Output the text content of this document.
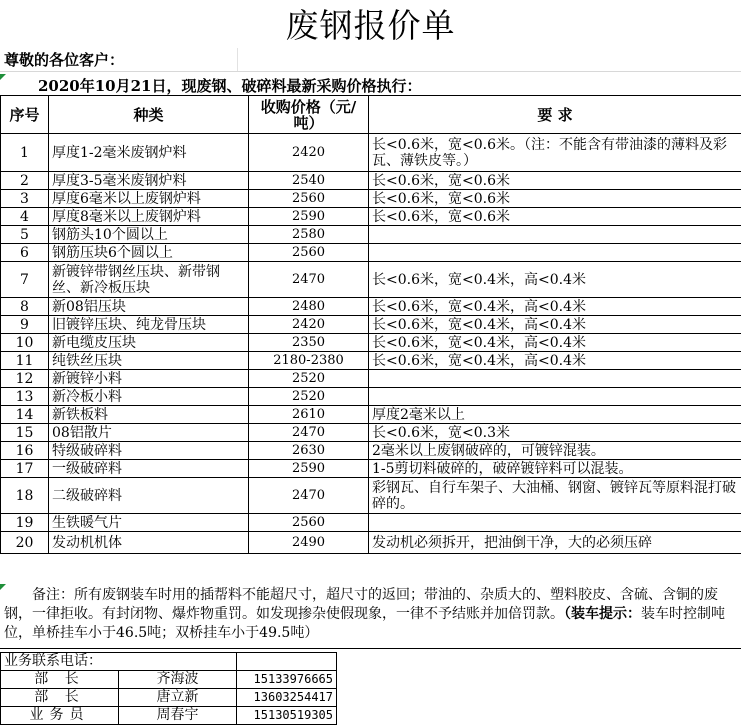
废钢报价单
尊敬的各位客户：
2020年10月21日，现废钢、破碎料最新采购价格执行：
序号	种类	收购价格（元/吨）	要 求
1	厚度1-2毫米废钢炉料	2420	长<0.6米，宽<0.6米。（注：不能含有带油漆的薄料及彩瓦、薄铁皮等。）
2	厚度3-5毫米废钢炉料	2540	长<0.6米，宽<0.6米
3	厚度6毫米以上废钢炉料	2560	长<0.6米，宽<0.6米
4	厚度8毫米以上废钢炉料	2590	长<0.6米，宽<0.6米
5	钢筋头10个圆以上	2580	
6	钢筋压块6个圆以上	2560	
7	新镀锌带钢丝压块、新带钢丝、新冷板压块	2470	长<0.6米，宽<0.4米，高<0.4米
8	新08铝压块	2480	长<0.6米，宽<0.4米，高<0.4米
9	旧镀锌压块、纯龙骨压块	2420	长<0.6米，宽<0.4米，高<0.4米
10	新电缆皮压块	2350	长<0.6米，宽<0.4米，高<0.4米
11	纯铁丝压块	2180-2380	长<0.6米，宽<0.4米，高<0.4米
12	新镀锌小料	2520	
13	新冷板小料	2520	
14	新铁板料	2610	厚度2毫米以上
15	08铝散片	2470	长<0.6米，宽<0.3米
16	特级破碎料	2630	2毫米以上废钢破碎的，可镀锌混装。
17	一级破碎料	2590	1-5剪切料破碎的，破碎镀锌料可以混装。
18	二级破碎料	2470	彩钢瓦、自行车架子、大油桶、钢窗、镀锌瓦等原料混打破碎的。
19	生铁暖气片	2560	
20	发动机机体	2490	发动机必须拆开，把油倒干净，大的必须压碎
备注：所有废钢装车时用的插帮料不能超尺寸，超尺寸的返回；带油的、杂质大的、塑料胶皮、含硫、含铜的废钢，一律拒收。有封闭物、爆炸物重罚。如发现掺杂使假现象，一律不予结账并加倍罚款。（装车提示：装车时控制吨位，单桥挂车小于46.5吨；双桥挂车小于49.5吨）
业务联系电话：		
部 长	齐海波	15133976665
部 长	唐立新	13603254417
业务员	周春宇	15130519305
